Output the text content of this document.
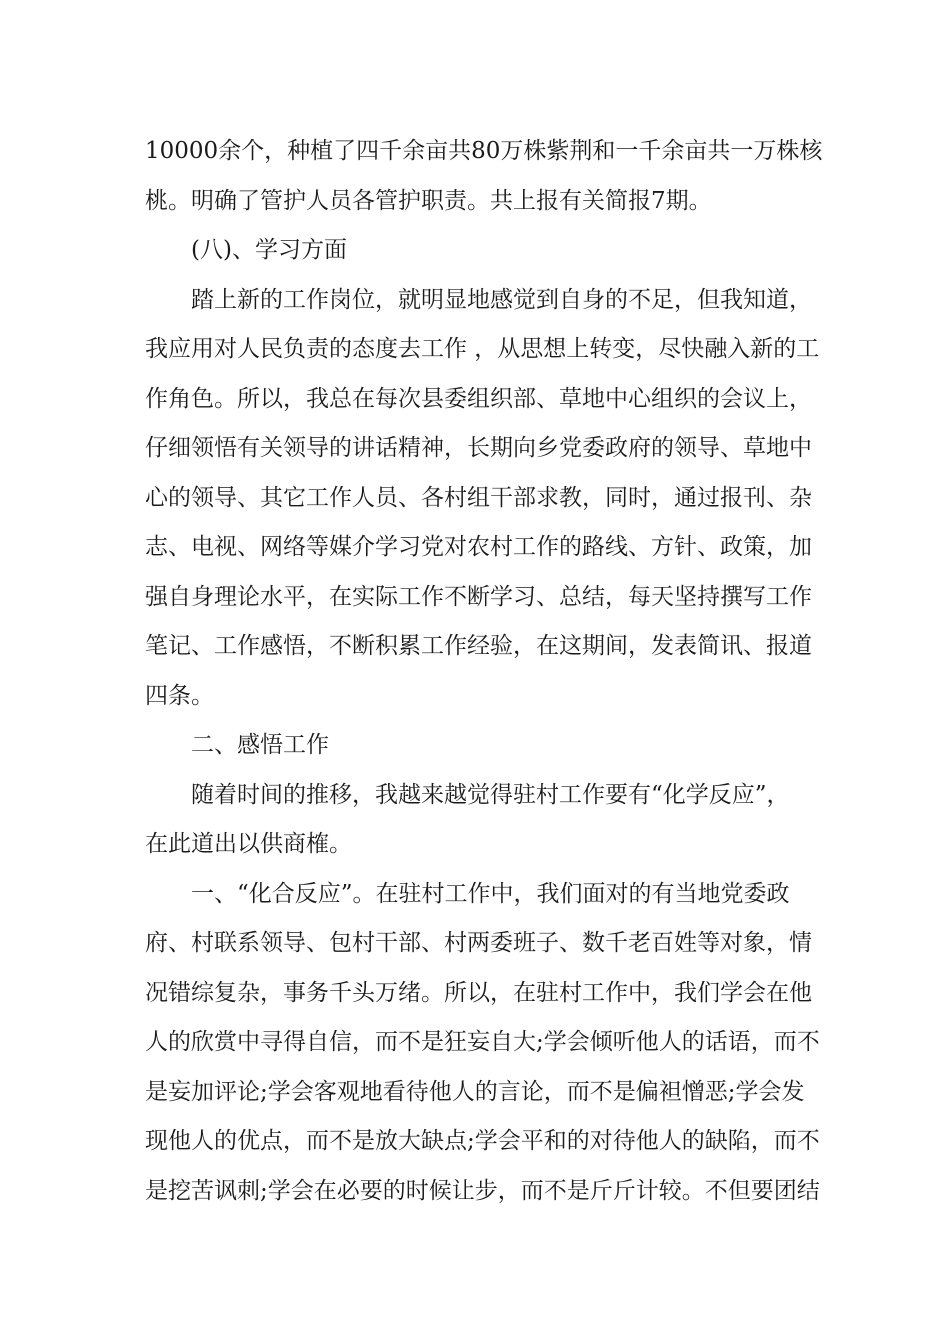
10000余个，种植了四千余亩共80万株紫荆和一千余亩共一万株核
桃。明确了管护人员各管护职责。共上报有关简报7期。
(八)、学习方面
踏上新的工作岗位，就明显地感觉到自身的不足，但我知道，
我应用对人民负责的态度去工作 ，从思想上转变，尽快融入新的工
作角色。所以，我总在每次县委组织部、草地中心组织的会议上，
仔细领悟有关领导的讲话精神，长期向乡党委政府的领导、草地中
心的领导、其它工作人员、各村组干部求教，同时，通过报刊、杂
志、电视、网络等媒介学习党对农村工作的路线、方针、政策，加
强自身理论水平，在实际工作不断学习、总结，每天坚持撰写工作
笔记、工作感悟，不断积累工作经验，在这期间，发表简讯、报道
四条。
二、感悟工作
随着时间的推移，我越来越觉得驻村工作要有“化学反应”，
在此道出以供商榷。
一、“化合反应”。在驻村工作中，我们面对的有当地党委政
府、村联系领导、包村干部、村两委班子、数千老百姓等对象，情
况错综复杂，事务千头万绪。所以，在驻村工作中，我们学会在他
人的欣赏中寻得自信，而不是狂妄自大;学会倾听他人的话语，而不
是妄加评论;学会客观地看待他人的言论，而不是偏袒憎恶;学会发
现他人的优点，而不是放大缺点;学会平和的对待他人的缺陷，而不
是挖苦讽刺;学会在必要的时候让步，而不是斤斤计较。不但要团结
